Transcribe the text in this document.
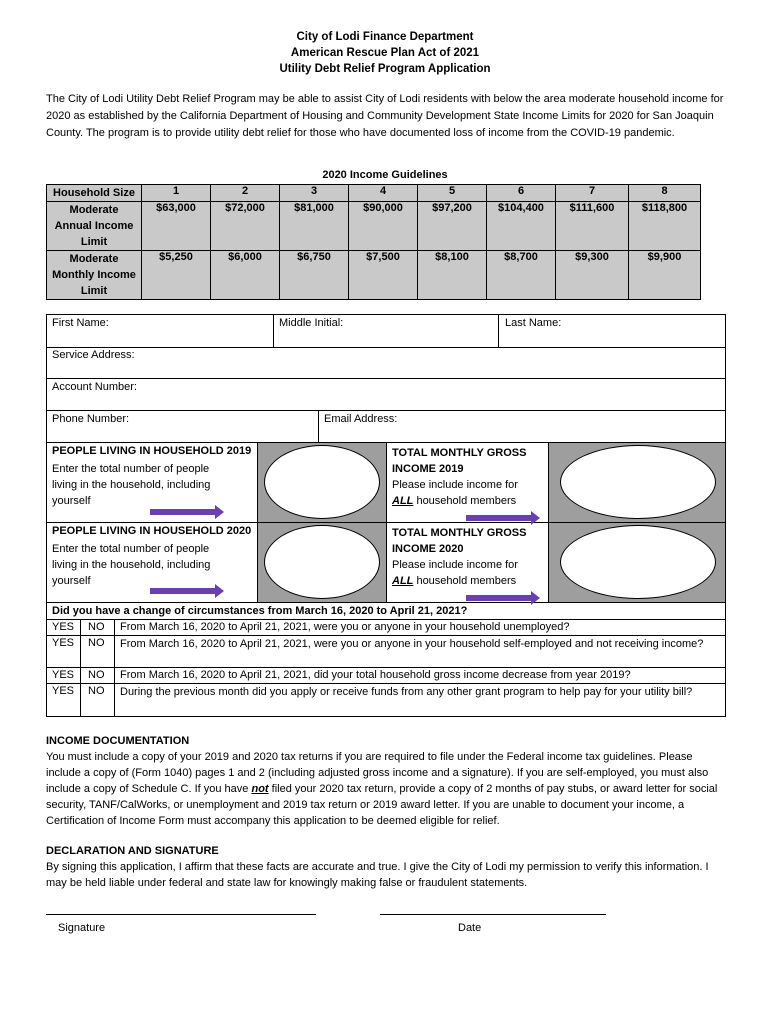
City of Lodi Finance Department
American Rescue Plan Act of 2021
Utility Debt Relief Program Application
The City of Lodi Utility Debt Relief Program may be able to assist City of Lodi residents with below the area moderate household income for 2020 as established by the California Department of Housing and Community Development State Income Limits for 2020 for San Joaquin County. The program is to provide utility debt relief for those who have documented loss of income from the COVID-19 pandemic.
2020 Income Guidelines
Household Size	1	2	3	4	5	6	7	8
Moderate Annual Income Limit	$63,000	$72,000	$81,000	$90,000	$97,200	$104,400	$111,600	$118,800
Moderate Monthly Income Limit	$5,250	$6,000	$6,750	$7,500	$8,100	$8,700	$9,300	$9,900
First Name:	Middle Initial:	Last Name:
Service Address:
Account Number:
Phone Number:	Email Address:
PEOPLE LIVING IN HOUSEHOLD 2019
Enter the total number of people living in the household, including yourself
TOTAL MONTHLY GROSS INCOME 2019
Please include income for ALL household members
PEOPLE LIVING IN HOUSEHOLD 2020
Enter the total number of people living in the household, including yourself
TOTAL MONTHLY GROSS INCOME 2020
Please include income for ALL household members
Did you have a change of circumstances from March 16, 2020 to April 21, 2021?
YES NO From March 16, 2020 to April 21, 2021, were you or anyone in your household unemployed?
YES NO From March 16, 2020 to April 21, 2021, were you or anyone in your household self-employed and not receiving income?
YES NO From March 16, 2020 to April 21, 2021, did your total household gross income decrease from year 2019?
YES NO During the previous month did you apply or receive funds from any other grant program to help pay for your utility bill?
INCOME DOCUMENTATION
You must include a copy of your 2019 and 2020 tax returns if you are required to file under the Federal income tax guidelines. Please include a copy of (Form 1040) pages 1 and 2 (including adjusted gross income and a signature). If you are self-employed, you must also include a copy of Schedule C. If you have not filed your 2020 tax return, provide a copy of 2 months of pay stubs, or award letter for social security, TANF/CalWorks, or unemployment and 2019 tax return or 2019 award letter. If you are unable to document your income, a Certification of Income Form must accompany this application to be deemed eligible for relief.
DECLARATION AND SIGNATURE
By signing this application, I affirm that these facts are accurate and true. I give the City of Lodi my permission to verify this information. I may be held liable under federal and state law for knowingly making false or fraudulent statements.
Signature	Date
